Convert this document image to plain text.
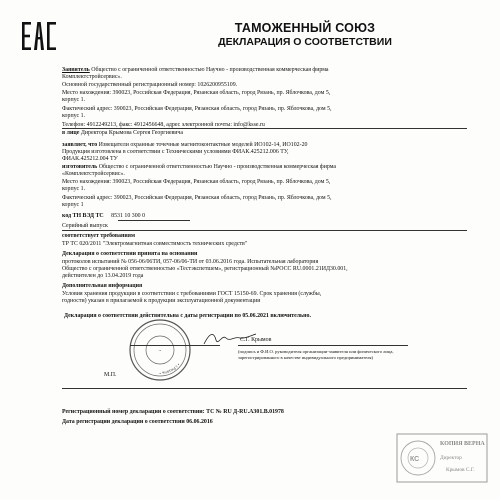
ТАМОЖЕННЫЙ СОЮЗ
ДЕКЛАРАЦИЯ О СООТВЕТСТВИИ
Заявитель Общество с ограниченной ответственностью Научно - производственная коммерческая фирма
Комплектстройсервис».
Основной государственный регистрационный номер: 1026200955109.
Место нахождения: 390023, Российская Федерация, Рязанская область, город Рязань, пр. Яблочкова, дом 5,
корпус 1.
Фактический адрес: 390023, Российская Федерация, Рязанская область, город Рязань, пр. Яблочкова, дом 5,
корпус 1.
Телефон: 4912249213, факс: 4912456648, адрес электронной почты: info@ksse.ru
в лице Директора Крымова Сергея Георгиевича
заявляет, что Извещатели охранные точечные магнитоконтактные моделей ИО102-14, ИО102-20
Продукция изготовлена в соответствии с Техническими условиями ФИАК.425212.006 ТУ,
ФИАК.425212.004 ТУ
изготовитель Общество с ограниченной ответственностью Научно - производственная коммерческая фирма
«Комплектстройсервис».
Место нахождения: 390023, Российская Федерация, Рязанская область, город Рязань, пр. Яблочкова, дом 5,
корпус 1.
Фактический адрес: 390023, Российская Федерация, Рязанская область, город Рязань, пр. Яблочкова, дом 5,
корпус 1
код ТН ВЭД ТС 8531 10 300 0
Серийный выпуск
соответствует требованиям
ТР ТС 020/2011 "Электромагнитная совместимость технических средств"
Декларация о соответствии принята на основании
протоколов испытаний № 056-06/06ТИ, 057-06/06-ТИ от 03.06.2016 года. Испытательная лаборатория
Общество с ограниченной ответственностью «Тестэкспетшем», регистрационный №РОСС RU.0001.21ИД30.001,
действителен до 13.04.2019 года
Дополнительная информация
Условия хранения продукции в соответствии с требованиями ГОСТ 15150-69. Срок хранения (службы,
годности) указан в прилагаемой к продукции эксплуатационной документации
Декларация о соответствии действительна с даты регистрации по 05.06.2021 включительно.
• г.Рязань •
~
С.Г. Крымов
(подпись и Ф.И.О. руководителя организации-заявителя или физического лица,
зарегистрированного в качестве индивидуального предпринимателя)
М.П.
Регистрационный номер декларации о соответствии: ТС № RU Д-RU.АЗ01.В.01978
Дата регистрации декларации о соответствии 06.06.2016
КС
КОПИЯ ВЕРНА
Директор
Крымов С.Г.
